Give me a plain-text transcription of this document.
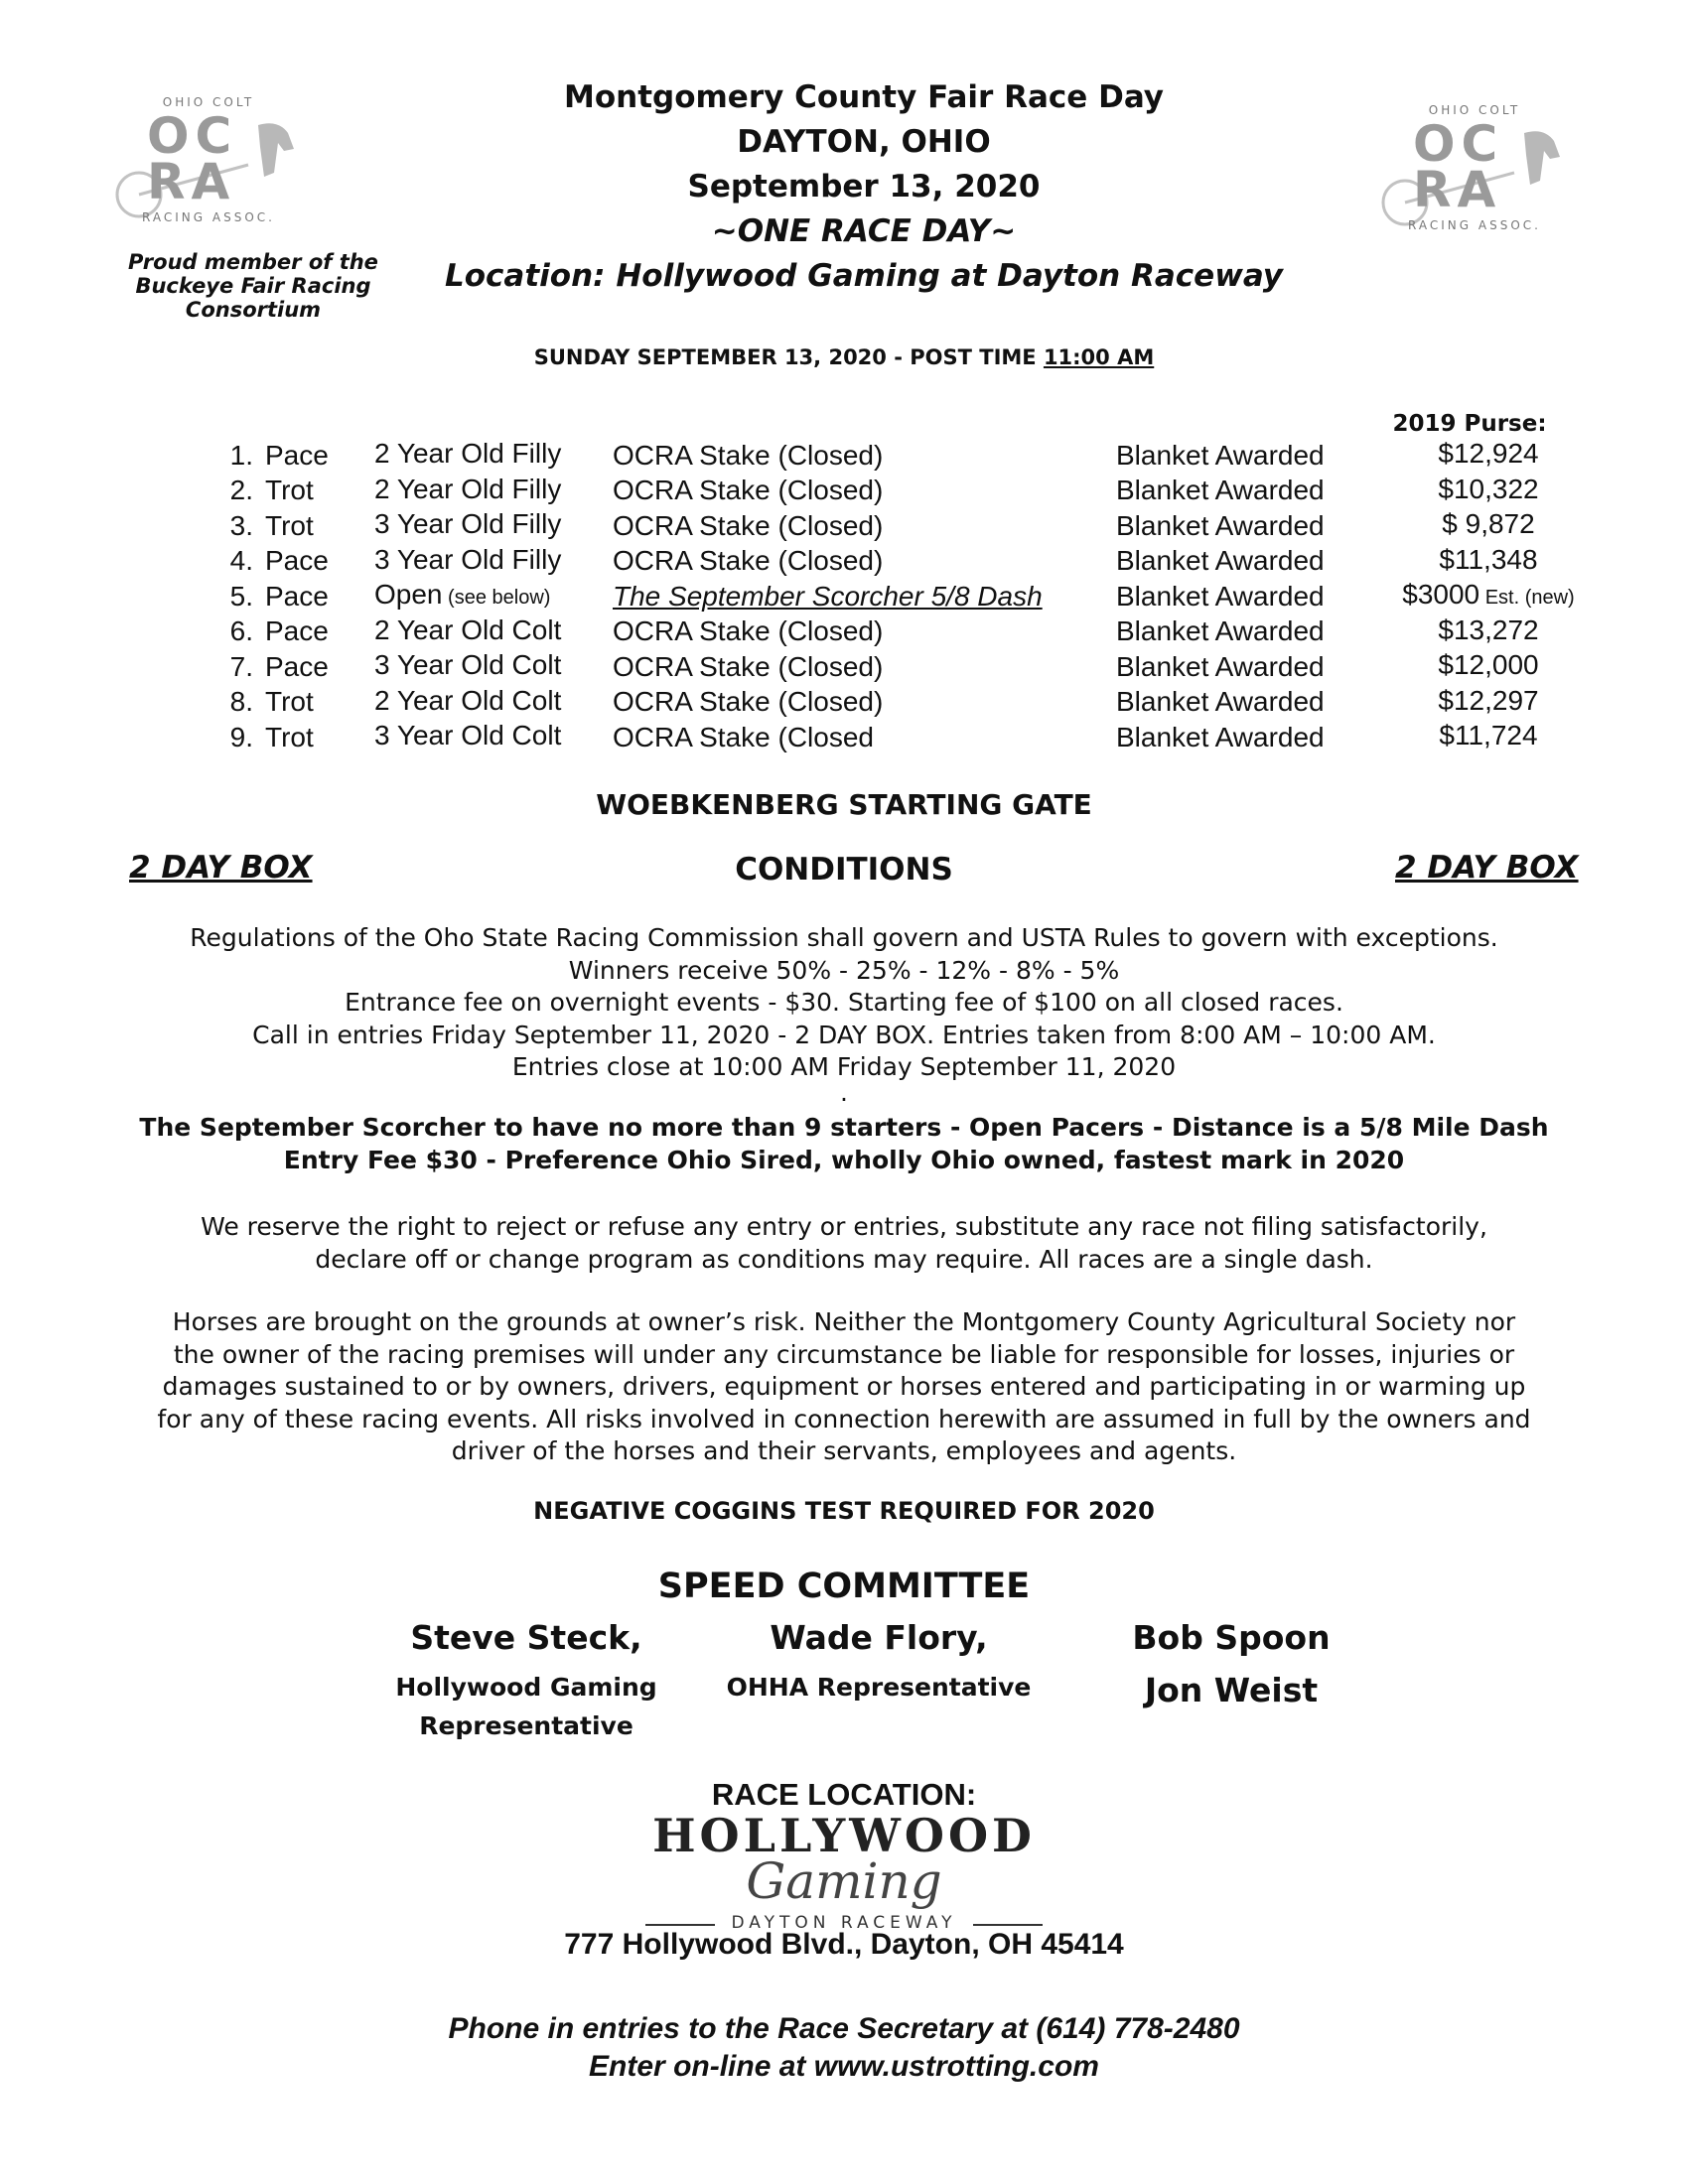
OHIO COLT
OC
RA
RACING ASSOC.
OHIO COLT
OC
RA
RACING ASSOC.
Proud member of the
Buckeye Fair Racing Consortium
Montgomery County Fair Race Day
DAYTON, OHIO
September 13, 2020
~ONE RACE DAY~
Location: Hollywood Gaming at Dayton Raceway
SUNDAY SEPTEMBER 13, 2020 - POST TIME 11:00 AM
2019 Purse:
1.	Pace	2 Year Old Filly	OCRA Stake (Closed)	Blanket Awarded	$12,924
2.	Trot	2 Year Old Filly	OCRA Stake (Closed)	Blanket Awarded	$10,322
3.	Trot	3 Year Old Filly	OCRA Stake (Closed)	Blanket Awarded	$ 9,872
4.	Pace	3 Year Old Filly	OCRA Stake (Closed)	Blanket Awarded	$11,348
5.	Pace	Open (see below)	The September Scorcher 5/8 Dash	Blanket Awarded	$3000 Est. (new)
6.	Pace	2 Year Old Colt	OCRA Stake (Closed)	Blanket Awarded	$13,272
7.	Pace	3 Year Old Colt	OCRA Stake (Closed)	Blanket Awarded	$12,000
8.	Trot	2 Year Old Colt	OCRA Stake (Closed)	Blanket Awarded	$12,297
9.	Trot	3 Year Old Colt	OCRA Stake (Closed	Blanket Awarded	$11,724
WOEBKENBERG STARTING GATE
2 DAY BOX	CONDITIONS	2 DAY BOX
Regulations of the Oho State Racing Commission shall govern and USTA Rules to govern with exceptions.
Winners receive 50% - 25% - 12% - 8% - 5%
Entrance fee on overnight events - $30. Starting fee of $100 on all closed races.
Call in entries Friday September 11, 2020 - 2 DAY BOX. Entries taken from 8:00 AM – 10:00 AM.
Entries close at 10:00 AM Friday September 11, 2020
.
The September Scorcher to have no more than 9 starters - Open Pacers - Distance is a 5/8 Mile Dash
Entry Fee $30 - Preference Ohio Sired, wholly Ohio owned, fastest mark in 2020
We reserve the right to reject or refuse any entry or entries, substitute any race not filing satisfactorily,
declare off or change program as conditions may require. All races are a single dash.
Horses are brought on the grounds at owner’s risk. Neither the Montgomery County Agricultural Society nor
the owner of the racing premises will under any circumstance be liable for responsible for losses, injuries or
damages sustained to or by owners, drivers, equipment or horses entered and participating in or warming up
for any of these racing events. All risks involved in connection herewith are assumed in full by the owners and
driver of the horses and their servants, employees and agents.
NEGATIVE COGGINS TEST REQUIRED FOR 2020
SPEED COMMITTEE
Steve Steck,
Hollywood Gaming
Representative
Wade Flory,
OHHA Representative
Bob Spoon
Jon Weist
RACE LOCATION:
HOLLYWOOD
Gaming
DAYTON RACEWAY
777 Hollywood Blvd., Dayton, OH 45414
Phone in entries to the Race Secretary at (614) 778-2480
Enter on-line at www.ustrotting.com
